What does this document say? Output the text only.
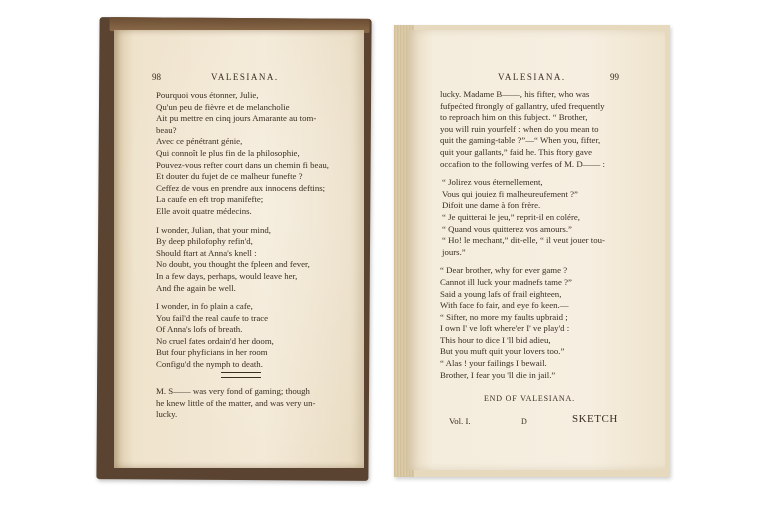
98	VALESIANA.
Pourquoi vous étonner, Julie,
Qu'un peu de fièvre et de melancholie
Ait pu mettre en cinq jours Amarante au tom-
beau?
Avec ce pénétrant génie,
Qui connoît le plus fin de la philosophie,
Pouvez-vous refter court dans un chemin fi beau,
Et douter du fujet de ce malheur funefte ?
Ceffez de vous en prendre aux innocens deftins;
La caufe en eft trop manifefte;
Elle avoit quatre médecins.
I wonder, Julian, that your mind,
By deep philofophy refin'd,
Should ftart at Anna's knell :
No doubt, you thought the fpleen and fever,
In a few days, perhaps, would leave her,
And fhe again be well.
I wonder, in fo plain a cafe,
You fail'd the real caufe to trace
Of Anna's lofs of breath.
No cruel fates ordain'd her doom,
But four phyficians in her room
Configu'd the nymph to death.
M. S—— was very fond of gaming; though
he knew little of the matter, and was very un-
lucky.
VALESIANA.	99
lucky. Madame B——, his fifter, who was
fufpećted ftrongly of gallantry, ufed frequently
to reproach him on this fubject. “ Brother,
you will ruin yourfelf : when do you mean to
quit the gaming-table ?”—“ When you, fifter,
quit your gallants,” faid he. This ftory gave
occafion to the following verfes of M. D—— :
“ Jolirez vous éternellement,
Vous qui jouiez fi malheureufement ?”
Difoit une dame à fon frère.
“ Je quitterai le jeu,” reprit-il en colére,
“ Quand vous quitterez vos amours.”
“ Ho! le mechant,” dit-elle, “ il veut jouer tou-
jours.”
“ Dear brother, why for ever game ?
Cannot ill luck your madnefs tame ?”
Said a young lafs of frail eighteen,
With face fo fair, and eye fo keen.—
“ Sifter, no more my faults upbraid ;
I own I' ve loft where'er I' ve play'd :
This hour to dice I 'll bid adieu,
But you muft quit your lovers too.”
“ Alas ! your failings I bewail.
Brother, I fear you 'll die in jail.”
END OF VALESIANA.
Vol. I.	D	SKETCH
